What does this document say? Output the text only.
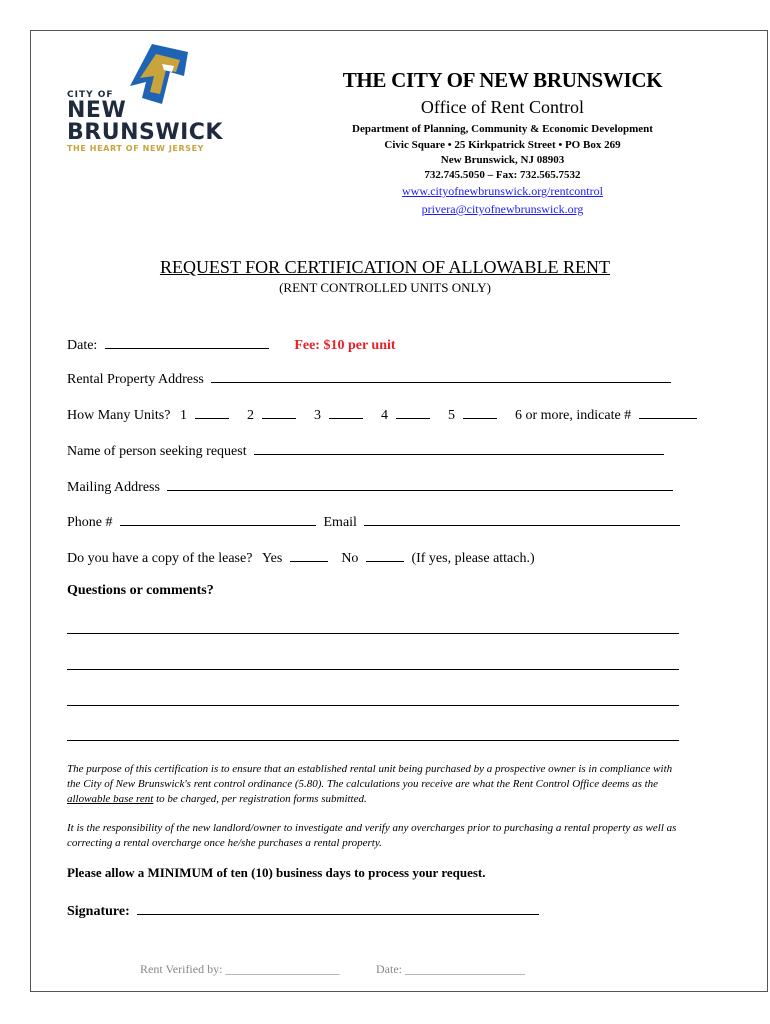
CITY OF
NEW
BRUNSWICK
THE HEART OF NEW JERSEY
THE CITY OF NEW BRUNSWICK
Office of Rent Control
Department of Planning, Community & Economic Development
Civic Square • 25 Kirkpatrick Street • PO Box 269
New Brunswick, NJ 08903
732.745.5050 – Fax: 732.565.7532
www.cityofnewbrunswick.org/rentcontrol
privera@cityofnewbrunswick.org
REQUEST FOR CERTIFICATION OF ALLOWABLE RENT
(RENT CONTROLLED UNITS ONLY)
Date:	Fee: $10 per unit
Rental Property Address
How Many Units? 1	2	3	4	5	6 or more, indicate #
Name of person seeking request
Mailing Address
Phone #	Email
Do you have a copy of the lease? Yes	No	(If yes, please attach.)
Questions or comments?
The purpose of this certification is to ensure that an established rental unit being purchased by a prospective owner is in compliance with the City of New Brunswick's rent control ordinance (5.80). The calculations you receive are what the Rent Control Office deems as the allowable base rent to be charged, per registration forms submitted.
It is the responsibility of the new landlord/owner to investigate and verify any overcharges prior to purchasing a rental property as well as correcting a rental overcharge once he/she purchases a rental property.
Please allow a MINIMUM of ten (10) business days to process your request.
Signature:
Rent Verified by: ___________________	Date: ____________________
